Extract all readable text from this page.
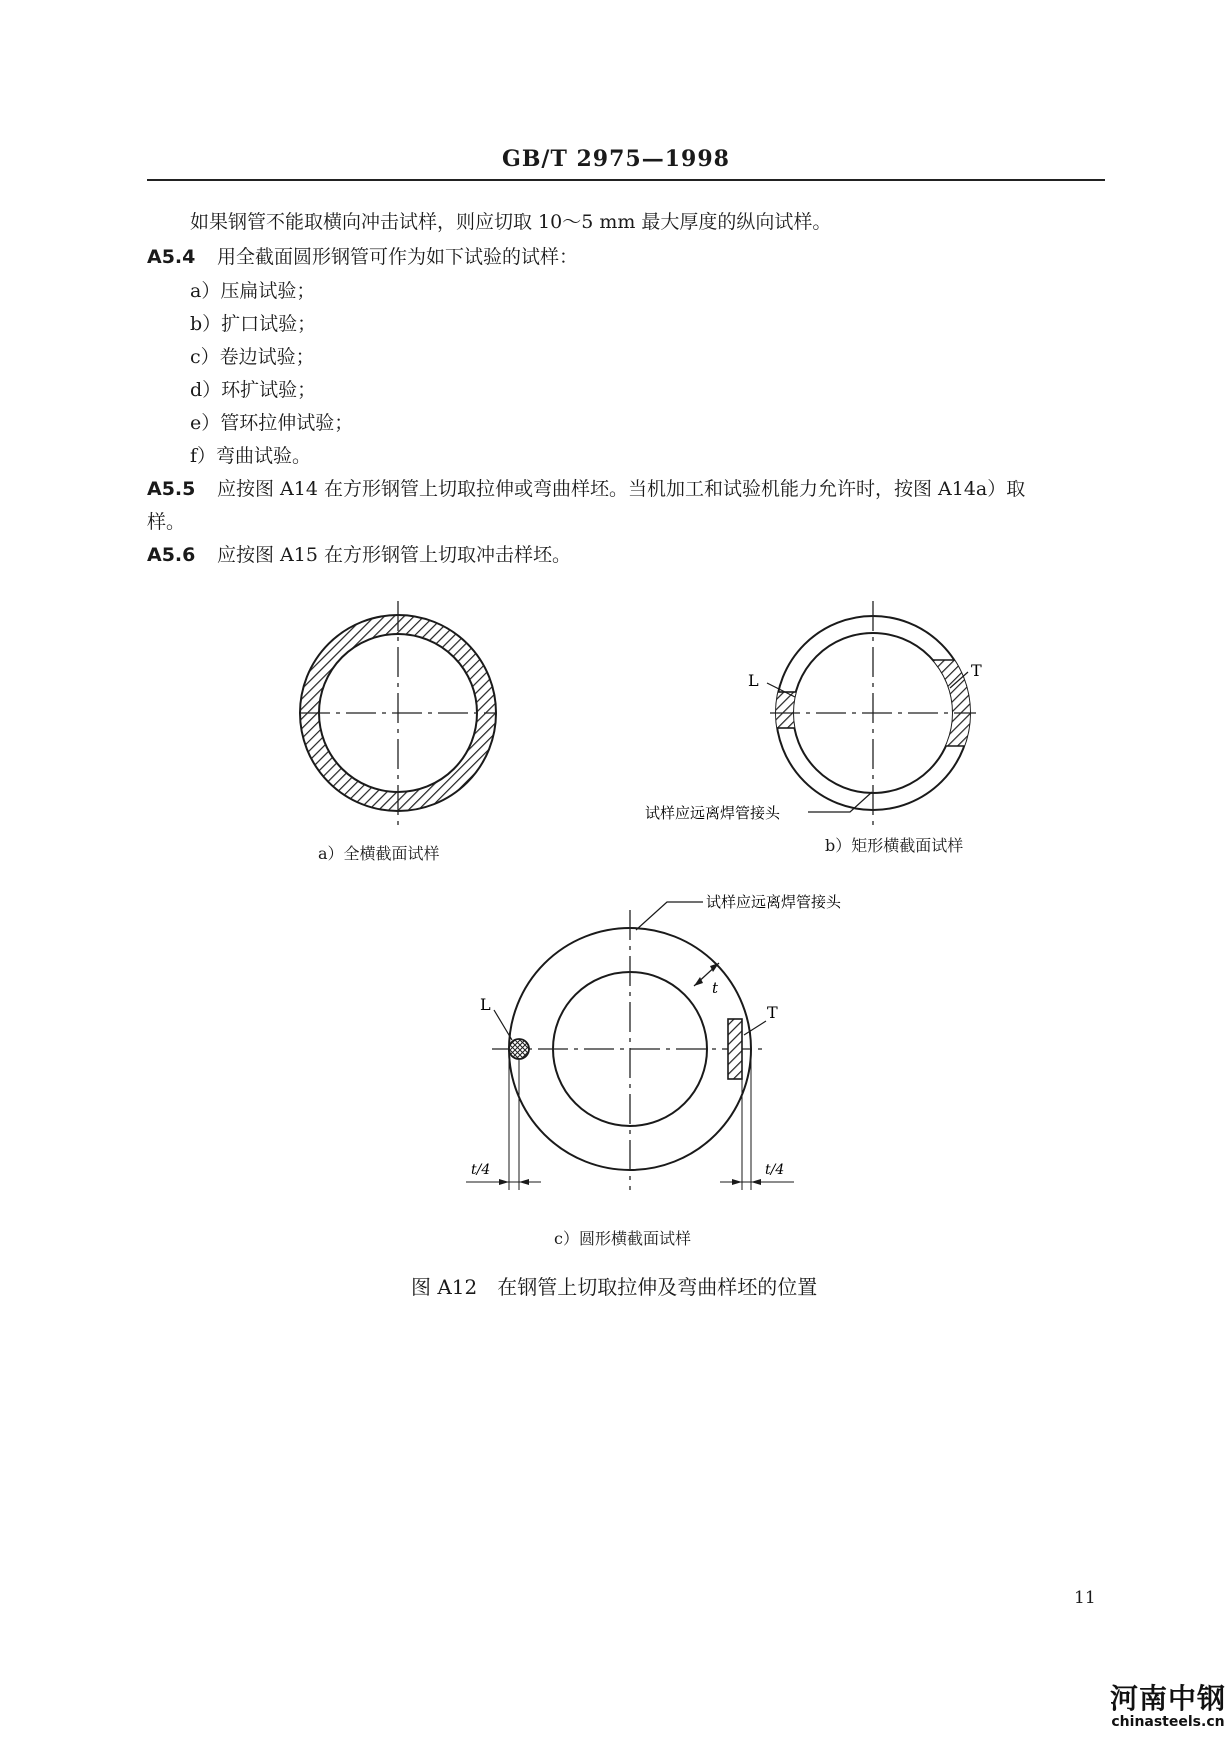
GB/T 2975—1998
如果钢管不能取横向冲击试样，则应切取 10～5 mm 最大厚度的纵向试样。
A5.4 用全截面圆形钢管可作为如下试验的试样：
a）压扁试验；
b）扩口试验；
c）卷边试验；
d）环扩试验；
e）管环拉伸试验；
f）弯曲试验。
A5.5 应按图 A14 在方形钢管上切取拉伸或弯曲样坯。当机加工和试验机能力允许时，按图 A14a）取
样。
A5.6 应按图 A15 在方形钢管上切取冲击样坯。
L
T
试样应远离焊管接头
L	T
t
试样应远离焊管接头
t/4	t/4
a）全横截面试样	b）矩形横截面试样
c）圆形横截面试样
图 A12　在钢管上切取拉伸及弯曲样坯的位置
11
河南中钢
chinasteels.cn
